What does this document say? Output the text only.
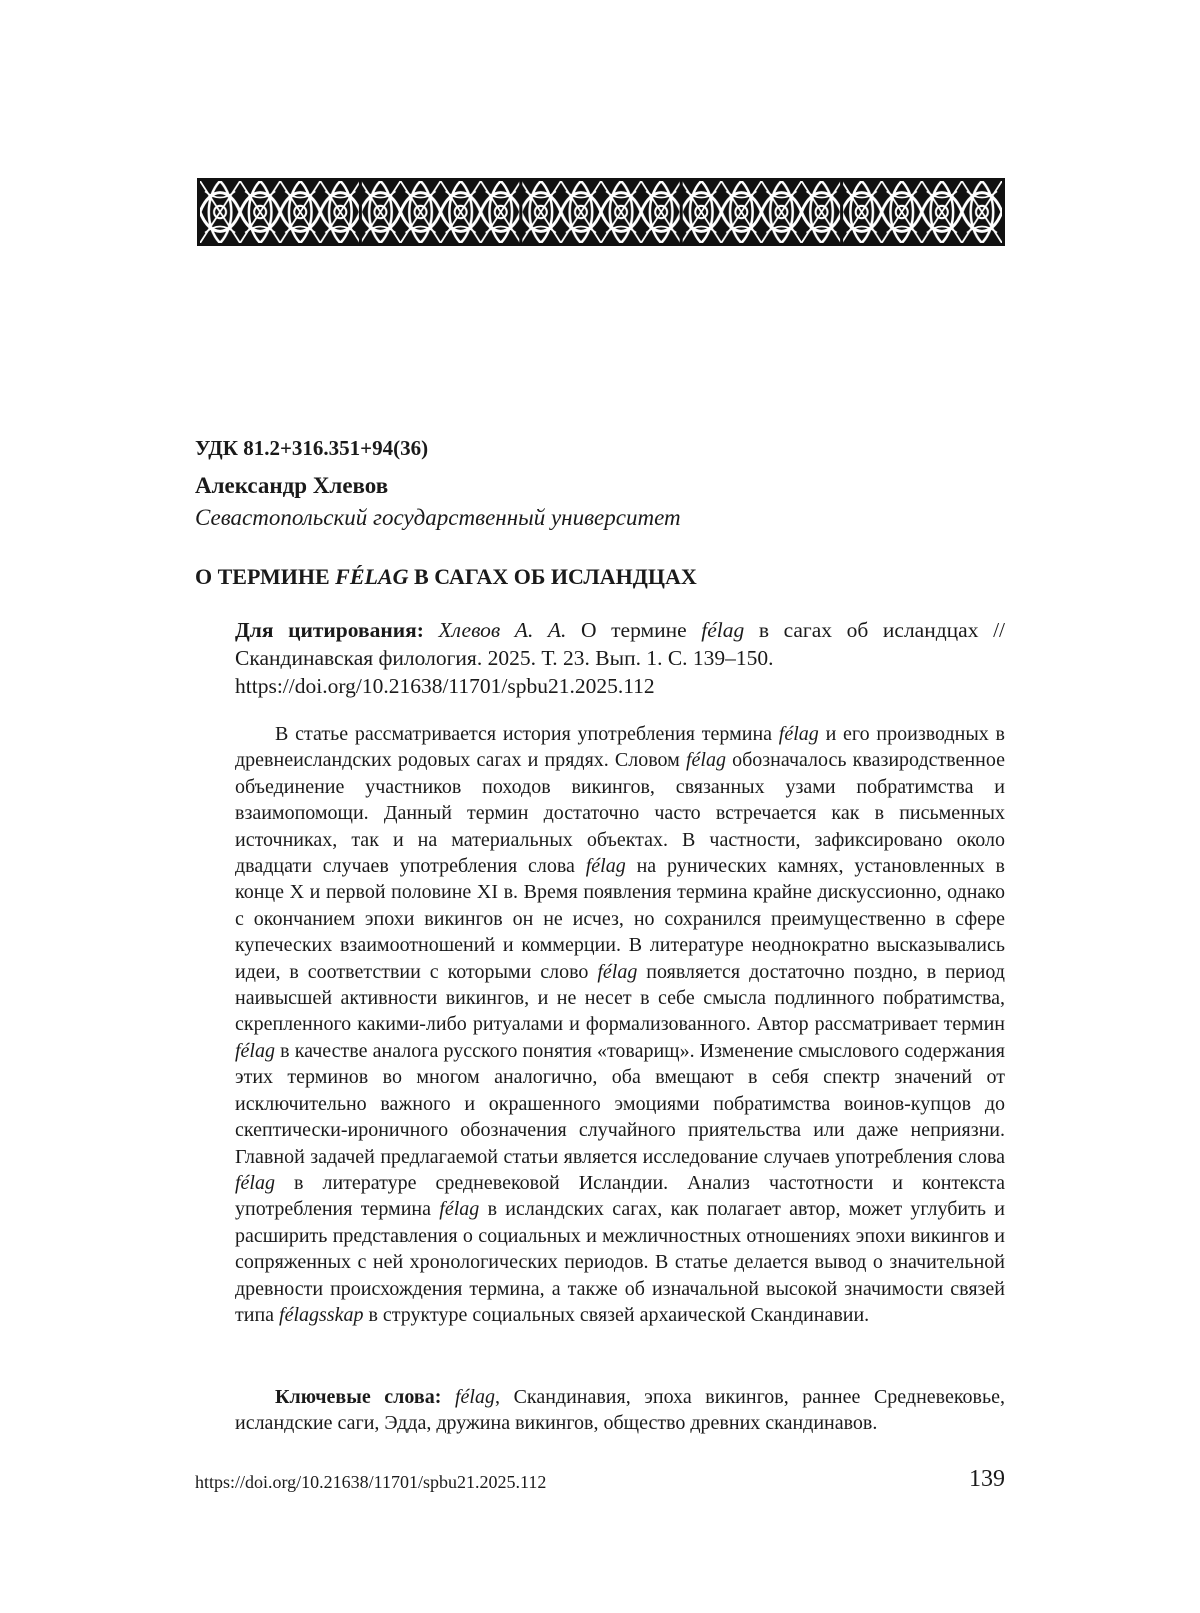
УДК 81.2+316.351+94(36)

Александр Хлевов

Севастопольский государственный университет

О ТЕРМИНЕ FÉLAG В САГАХ ОБ ИСЛАНДЦАХ

Для цитирования: Хлевов А. А. О термине félag в сагах об исландцах // Скандинавская филология. 2025. Т. 23. Вып. 1. С. 139–150.
https://doi.org/10.21638/11701/spbu21.2025.112

В статье рассматривается история употребления термина félag и его производных в древнеисландских родовых сагах и прядях. Словом félag обозначалось квазиродственное объединение участников походов викингов, связанных узами побратимства и взаимопомощи. Данный термин достаточно часто встречается как в письменных источниках, так и на материальных объектах. В частности, зафиксировано около двадцати случаев употребления слова félag на рунических камнях, установленных в конце X и первой половине XI в. Время появления термина крайне дискуссионно, однако с окончанием эпохи викингов он не исчез, но сохранился преимущественно в сфере купеческих взаимоотношений и коммерции. В литературе неоднократно высказывались идеи, в соответствии с которыми слово félag появляется достаточно поздно, в период наивысшей активности викингов, и не несет в себе смысла подлинного побратимства, скрепленного какими-либо ритуалами и формализованного. Автор рассматривает термин félag в качестве аналога русского понятия «товарищ». Изменение смыслового содержания этих терминов во многом аналогично, оба вмещают в себя спектр значений от исключительно важного и окрашенного эмоциями побратимства воинов-купцов до скептически-ироничного обозначения случайного приятельства или даже неприязни. Главной задачей предлагаемой статьи является исследование случаев употребления слова félag в литературе средневековой Исландии. Анализ частотности и контекста употребления термина félag в исландских сагах, как полагает автор, может углубить и расширить представления о социальных и межличностных отношениях эпохи викингов и сопряженных с ней хронологических периодов. В статье делается вывод о значительной древности происхождения термина, а также об изначальной высокой значимости связей типа félagsskap в структуре социальных связей архаической Скандинавии.

Ключевые слова: félag, Скандинавия, эпоха викингов, раннее Средневековье, исландские саги, Эдда, дружина викингов, общество древних скандинавов.

https://doi.org/10.21638/11701/spbu21.2025.112	139
